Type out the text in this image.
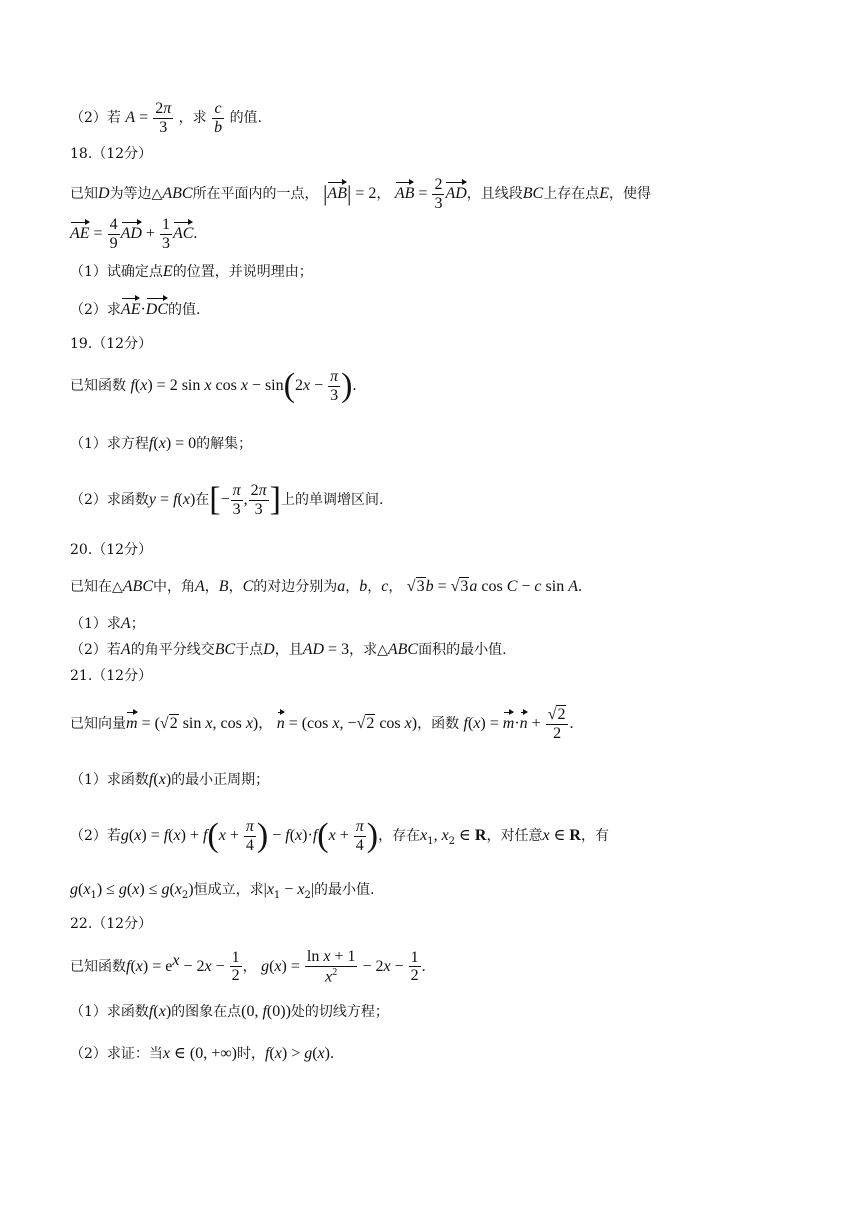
（2）若 $A = \frac{2\pi}{3}$ ，求 $\frac{c}{b}$ 的值.
18.（12分）
已知D为等边△ABC所在平面内的一点， |AB| = 2， AB = $\frac{2}{3}$ AD，且线段BC上存在点E，使得
AE = $\frac{4}{9}$ AD + $\frac{1}{3}$ AC.
（1）试确定点E的位置，并说明理由；
（2）求AE·DC的值.
19.（12分）
已知函数 f(x) = 2 sin x $\cos x - \sin(2x - \frac{\pi}{3}$ ).
（1）求方程f(x) = 0的解集；
（2）求函数y = f(x)在[− $\frac{\pi}{3}$ , $\frac{2\pi}{3}$ ]上的单调增区间.
20.（12分）
已知在△ABC中，角A，B，C的对边分别为a，b，c， √3b = √3a cos C − c sin A.
（1）求A；
（2）若A的角平分线交BC于点D，且AD = 3，求△ABC面积的最小值.
21.（12分）
已知向量m = (√2 sin x, cos x)， n = (cos x, −√2 cos x)，函数 $f(x) = m\cdot n + \frac{√2}{2}$ .
（1）求函数f(x)的最小正周期；
（2）若$g(x) = f(x) + f(x + \frac{\pi}{4}$ ) − $f(x)\cdot f(x + \frac{\pi}{4}$ )，存在$x_1$, $x_2$ ∈ R，对任意x ∈ R，有
$g(x_1) \le g(x) \le g(x_2)$恒成立，求$|x_1 - x_2|$的最小值.
22.（12分）
已知函数$f(x) = e^x - 2x - \frac{1}{2}$ ， $g(x) = \frac{\text{ln x + 1}}{x^2} - 2x - \frac{1}{2}$ .
（1）求函数f(x)的图象在点(0, f(0))处的切线方程；
（2）求证：当x ∈ (0, +∞)时，f(x) > g(x).
